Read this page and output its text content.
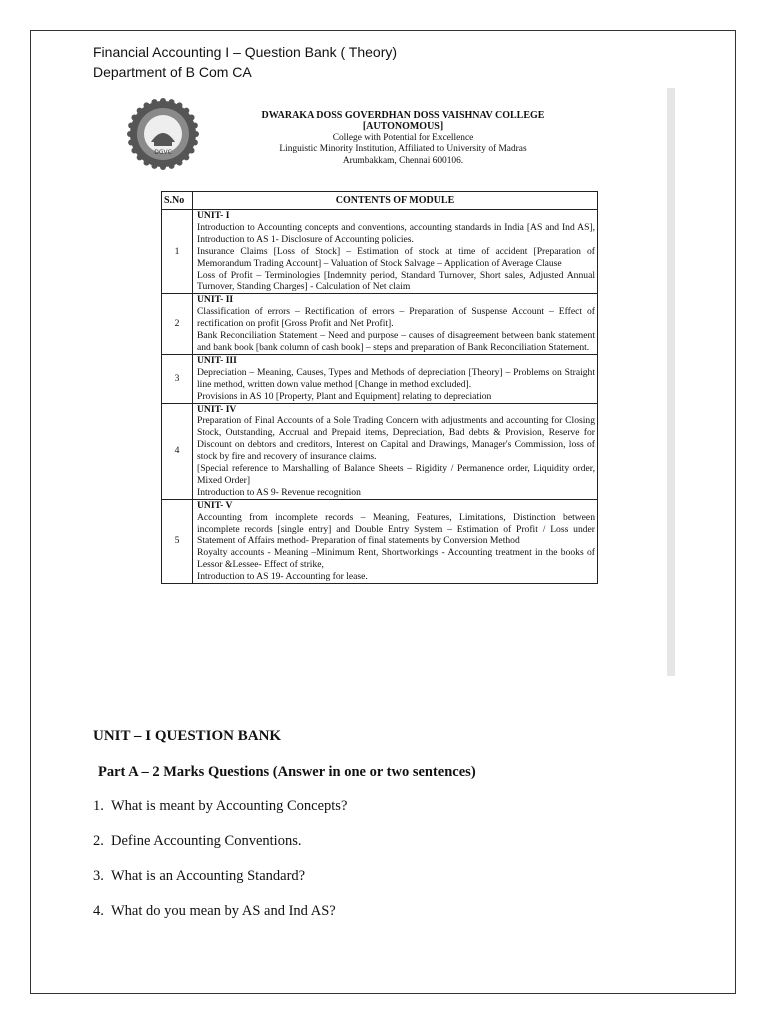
Financial Accounting I – Question Bank ( Theory)
Department of B Com CA
DGVC
DWARAKA DOSS GOVERDHAN DOSS VAISHNAV COLLEGE
[AUTONOMOUS]
College with Potential for Excellence
Linguistic Minority Institution, Affiliated to University of Madras
Arumbakkam, Chennai 600106.
S.No	CONTENTS OF MODULE
1	UNIT- I
Introduction to Accounting concepts and conventions, accounting standards in India [AS and Ind AS], Introduction to AS 1- Disclosure of Accounting policies.
Insurance Claims [Loss of Stock] – Estimation of stock at time of accident [Preparation of Memorandum Trading Account] – Valuation of Stock Salvage – Application of Average Clause
Loss of Profit – Terminologies [Indemnity period, Standard Turnover, Short sales, Adjusted Annual Turnover, Standing Charges] - Calculation of Net claim

2	UNIT- II
Classification of errors – Rectification of errors – Preparation of Suspense Account – Effect of rectification on profit [Gross Profit and Net Profit].
Bank Reconciliation Statement – Need and purpose – causes of disagreement between bank statement and bank book [bank column of cash book] – steps and preparation of Bank Reconciliation Statement.

3	UNIT- III
Depreciation – Meaning, Causes, Types and Methods of depreciation [Theory] – Problems on Straight line method, written down value method [Change in method excluded].
Provisions in AS 10 [Property, Plant and Equipment] relating to depreciation

4	UNIT- IV
Preparation of Final Accounts of a Sole Trading Concern with adjustments and accounting for Closing Stock, Outstanding, Accrual and Prepaid items, Depreciation, Bad debts & Provision, Reserve for Discount on debtors and creditors, Interest on Capital and Drawings, Manager's Commission, loss of stock by fire and recovery of insurance claims.
[Special reference to Marshalling of Balance Sheets – Rigidity / Permanence order, Liquidity order, Mixed Order]
Introduction to AS 9- Revenue recognition

5	UNIT- V
Accounting from incomplete records – Meaning, Features, Limitations, Distinction between incomplete records [single entry] and Double Entry System – Estimation of Profit / Loss under Statement of Affairs method- Preparation of final statements by Conversion Method
Royalty accounts - Meaning –Minimum Rent, Shortworkings - Accounting treatment in the books of Lessor &Lessee- Effect of strike,
Introduction to AS 19- Accounting for lease.
UNIT – I QUESTION BANK
Part A – 2 Marks Questions (Answer in one or two sentences)
1. What is meant by Accounting Concepts?
2. Define Accounting Conventions.
3. What is an Accounting Standard?
4. What do you mean by AS and Ind AS?
